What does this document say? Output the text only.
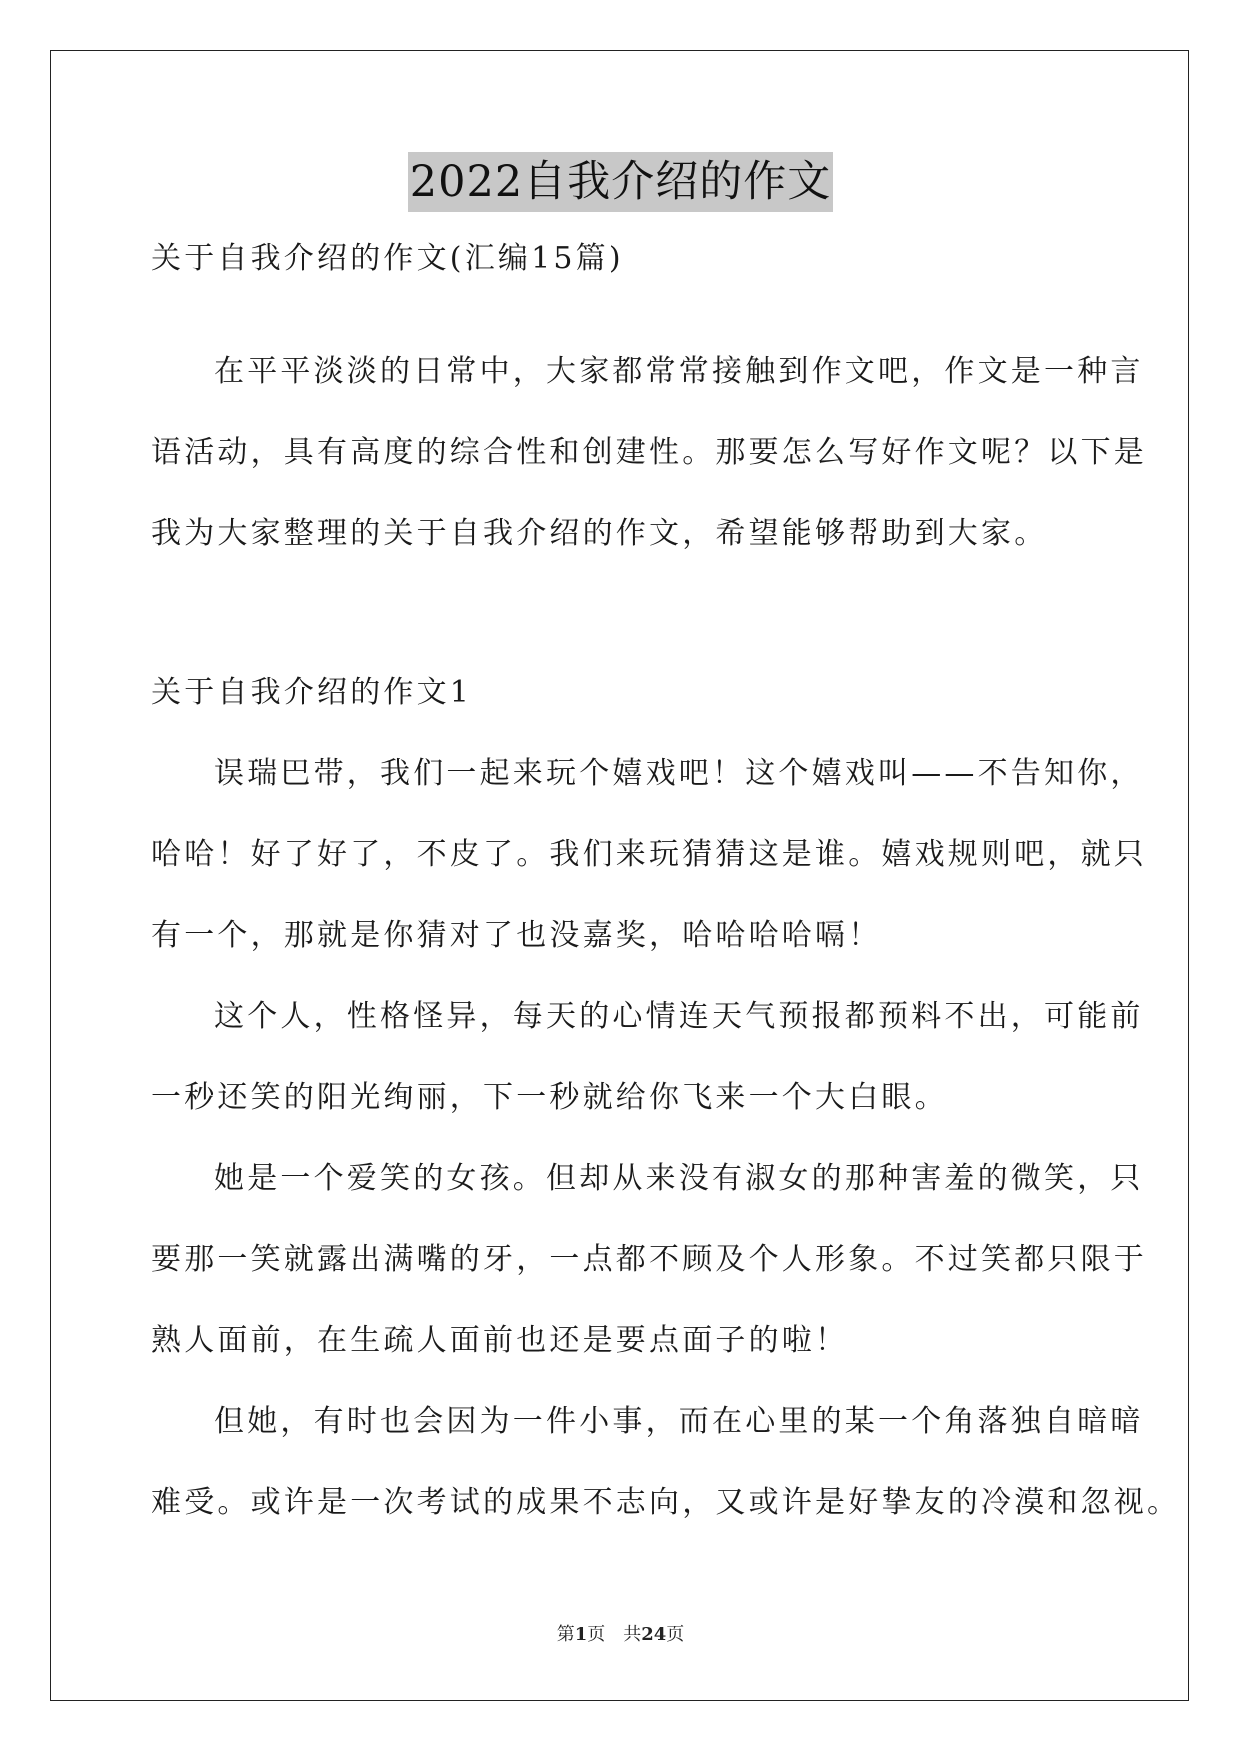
2022自我介绍的作文
关于自我介绍的作文(汇编15篇)
在平平淡淡的日常中，大家都常常接触到作文吧，作文是一种言
语活动，具有高度的综合性和创建性。那要怎么写好作文呢？以下是
我为大家整理的关于自我介绍的作文，希望能够帮助到大家。
关于自我介绍的作文1
误瑞巴带，我们一起来玩个嬉戏吧！这个嬉戏叫——不告知你，
哈哈！好了好了，不皮了。我们来玩猜猜这是谁。嬉戏规则吧，就只
有一个，那就是你猜对了也没嘉奖，哈哈哈哈嗝！
这个人，性格怪异，每天的心情连天气预报都预料不出，可能前
一秒还笑的阳光绚丽，下一秒就给你飞来一个大白眼。
她是一个爱笑的女孩。但却从来没有淑女的那种害羞的微笑，只
要那一笑就露出满嘴的牙，一点都不顾及个人形象。不过笑都只限于
熟人面前，在生疏人面前也还是要点面子的啦！
但她，有时也会因为一件小事，而在心里的某一个角落独自暗暗
难受。或许是一次考试的成果不志向，又或许是好挚友的冷漠和忽视。
第1页　共24页
